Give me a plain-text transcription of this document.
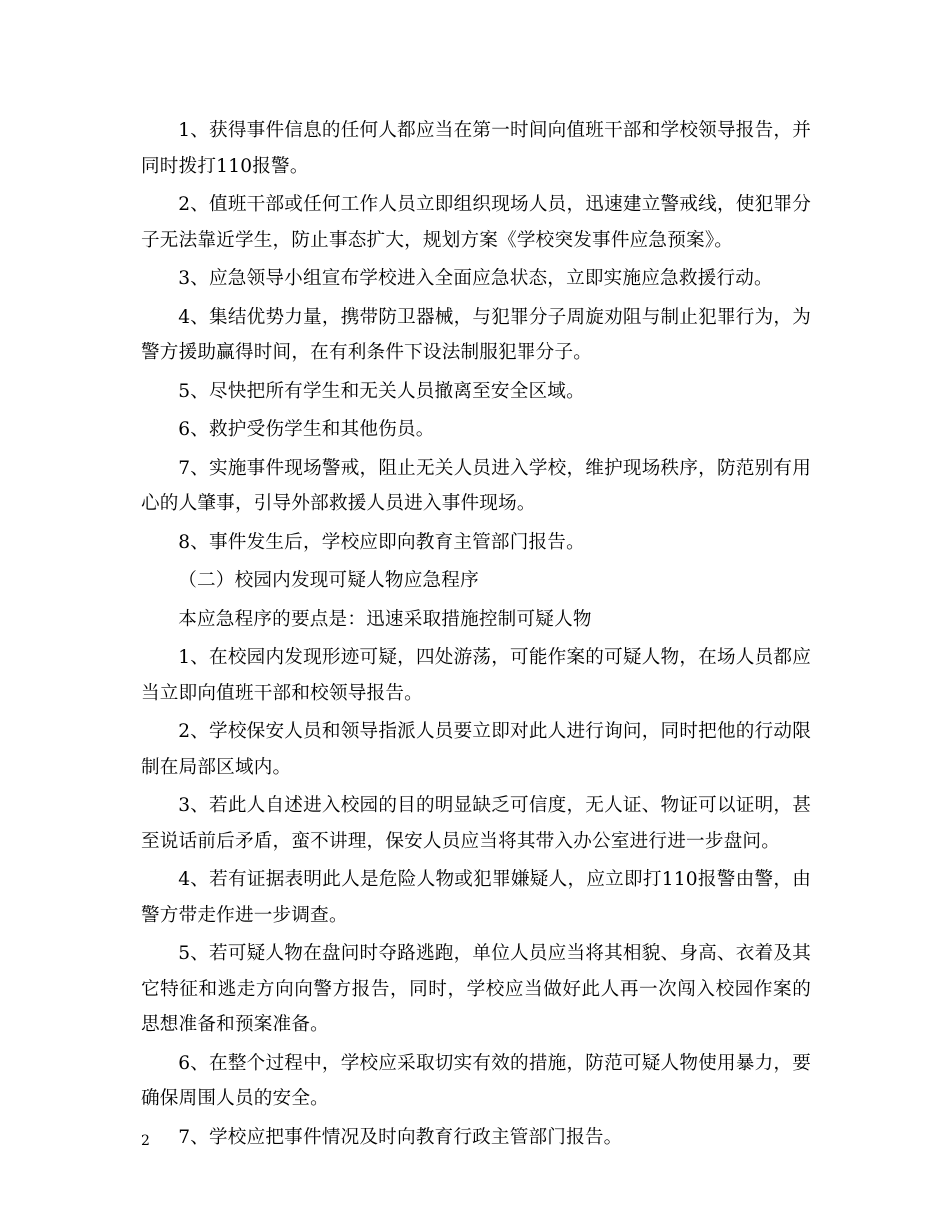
1、获得事件信息的任何人都应当在第一时间向值班干部和学校领导报告，并同时拨打110报警。

2、值班干部或任何工作人员立即组织现场人员，迅速建立警戒线，使犯罪分子无法靠近学生，防止事态扩大，规划方案《学校突发事件应急预案》。

3、应急领导小组宣布学校进入全面应急状态，立即实施应急救援行动。

4、集结优势力量，携带防卫器械，与犯罪分子周旋劝阻与制止犯罪行为，为警方援助赢得时间，在有利条件下设法制服犯罪分子。

5、尽快把所有学生和无关人员撤离至安全区域。

6、救护受伤学生和其他伤员。

7、实施事件现场警戒，阻止无关人员进入学校，维护现场秩序，防范别有用心的人肇事，引导外部救援人员进入事件现场。

8、事件发生后，学校应即向教育主管部门报告。

（二）校园内发现可疑人物应急程序

本应急程序的要点是：迅速采取措施控制可疑人物

1、在校园内发现形迹可疑，四处游荡，可能作案的可疑人物，在场人员都应当立即向值班干部和校领导报告。

2、学校保安人员和领导指派人员要立即对此人进行询问，同时把他的行动限制在局部区域内。

3、若此人自述进入校园的目的明显缺乏可信度，无人证、物证可以证明，甚至说话前后矛盾，蛮不讲理，保安人员应当将其带入办公室进行进一步盘问。

4、若有证据表明此人是危险人物或犯罪嫌疑人，应立即打110报警由警，由警方带走作进一步调查。

5、若可疑人物在盘问时夺路逃跑，单位人员应当将其相貌、身高、衣着及其它特征和逃走方向向警方报告，同时，学校应当做好此人再一次闯入校园作案的思想准备和预案准备。

6、在整个过程中，学校应采取切实有效的措施，防范可疑人物使用暴力，要确保周围人员的安全。

7、学校应把事件情况及时向教育行政主管部门报告。

2
